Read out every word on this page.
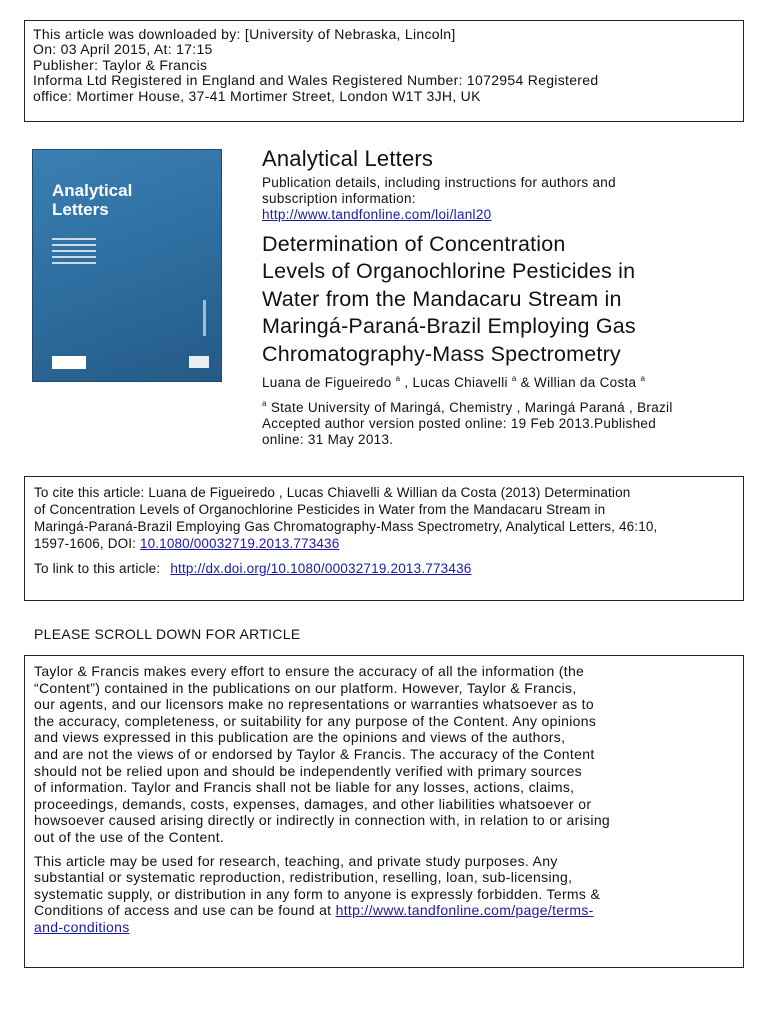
This article was downloaded by: [University of Nebraska, Lincoln]
On: 03 April 2015, At: 17:15
Publisher: Taylor & Francis
Informa Ltd Registered in England and Wales Registered Number: 1072954 Registered
office: Mortimer House, 37-41 Mortimer Street, London W1T 3JH, UK
Analytical
Letters
Analytical Letters
Publication details, including instructions for authors and
subscription information:
http://www.tandfonline.com/loi/lanl20
Determination of Concentration
Levels of Organochlorine Pesticides in
Water from the Mandacaru Stream in
Maringá-Paraná-Brazil Employing Gas
Chromatography-Mass Spectrometry
Luana de Figueiredo $^a$ , Lucas Chiavelli $^a$ & Willian da Costa $^a$
$^a$ State University of Maringá, Chemistry , Maringá Paraná , Brazil
Accepted author version posted online: 19 Feb 2013.Published
online: 31 May 2013.
To cite this article: Luana de Figueiredo , Lucas Chiavelli & Willian da Costa (2013) Determination
of Concentration Levels of Organochlorine Pesticides in Water from the Mandacaru Stream in
Maringá-Paraná-Brazil Employing Gas Chromatography-Mass Spectrometry, Analytical Letters, 46:10,
1597-1606, DOI: 10.1080/00032719.2013.773436
To link to this article: http://dx.doi.org/10.1080/00032719.2013.773436
PLEASE SCROLL DOWN FOR ARTICLE
Taylor & Francis makes every effort to ensure the accuracy of all the information (the
“Content”) contained in the publications on our platform. However, Taylor & Francis,
our agents, and our licensors make no representations or warranties whatsoever as to
the accuracy, completeness, or suitability for any purpose of the Content. Any opinions
and views expressed in this publication are the opinions and views of the authors,
and are not the views of or endorsed by Taylor & Francis. The accuracy of the Content
should not be relied upon and should be independently verified with primary sources
of information. Taylor and Francis shall not be liable for any losses, actions, claims,
proceedings, demands, costs, expenses, damages, and other liabilities whatsoever or
howsoever caused arising directly or indirectly in connection with, in relation to or arising
out of the use of the Content.
This article may be used for research, teaching, and private study purposes. Any
substantial or systematic reproduction, redistribution, reselling, loan, sub-licensing,
systematic supply, or distribution in any form to anyone is expressly forbidden. Terms &
Conditions of access and use can be found at http://www.tandfonline.com/page/terms-
and-conditions
